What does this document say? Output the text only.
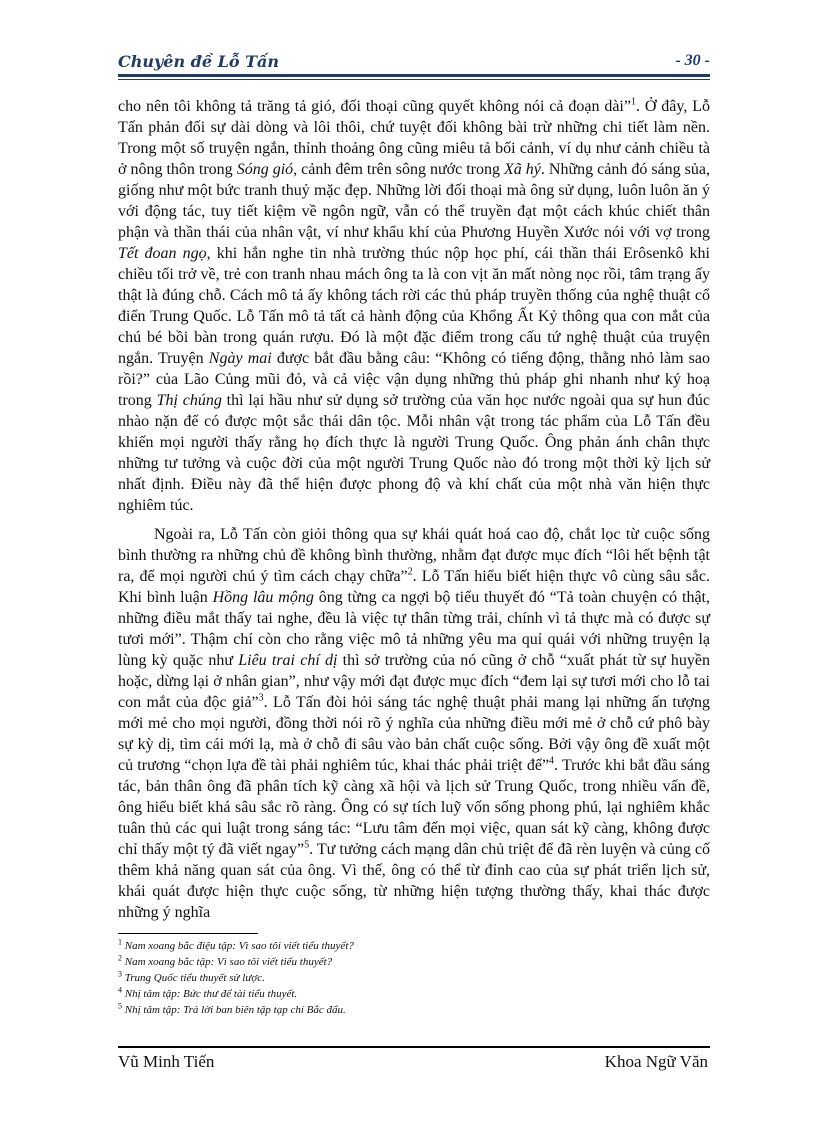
Chuyên đề Lỗ Tấn	- 30 -

cho nên tôi không tả trăng tả gió, đối thoại cũng quyết không nói cả đoạn dài”$^1$. Ở đây, Lỗ Tấn phản đối sự dài dòng và lôi thôi, chứ tuyệt đối không bài trừ những chi tiết làm nền. Trong một số truyện ngắn, thỉnh thoảng ông cũng miêu tả bối cảnh, ví dụ như cảnh chiều tà ở nông thôn trong Sóng gió, cảnh đêm trên sông nước trong Xã hý. Những cảnh đó sáng sủa, giống như một bức tranh thuỷ mặc đẹp. Những lời đối thoại mà ông sử dụng, luôn luôn ăn ý với động tác, tuy tiết kiệm về ngôn ngữ, vẫn có thể truyền đạt một cách khúc chiết thân phận và thần thái của nhân vật, ví như khẩu khí của Phương Huyền Xước nói với vợ trong Tết đoan ngọ, khi hắn nghe tin nhà trường thúc nộp học phí, cái thần thái Erôsenkô khi chiều tối trở về, trẻ con tranh nhau mách ông ta là con vịt ăn mất nòng nọc rồi, tâm trạng ấy thật là đúng chỗ. Cách mô tả ấy không tách rời các thủ pháp truyền thống của nghệ thuật cổ điển Trung Quốc. Lỗ Tấn mô tả tất cả hành động của Khổng Ất Kỷ thông qua con mắt của chú bé bồi bàn trong quán rượu. Đó là một đặc điểm trong cấu tứ nghệ thuật của truyện ngắn. Truyện Ngày mai được bắt đầu bằng câu: “Không có tiếng động, thằng nhỏ làm sao rồi?” của Lão Củng mũi đỏ, và cả việc vận dụng những thủ pháp ghi nhanh như ký hoạ trong Thị chúng thì lại hầu như sử dụng sở trường của văn học nước ngoài qua sự hun đúc nhào nặn để có được một sắc thái dân tộc. Mỗi nhân vật trong tác phẩm của Lỗ Tấn đều khiến mọi người thấy rằng họ đích thực là người Trung Quốc. Ông phản ánh chân thực những tư tưởng và cuộc đời của một người Trung Quốc nào đó trong một thời kỳ lịch sử nhất định. Điều này đã thể hiện được phong độ và khí chất của một nhà văn hiện thực nghiêm túc.

Ngoài ra, Lỗ Tấn còn giỏi thông qua sự khái quát hoá cao độ, chắt lọc từ cuộc sống bình thường ra những chủ đề không bình thường, nhằm đạt được mục đích “lôi hết bệnh tật ra, để mọi người chú ý tìm cách chạy chữa”$^2$. Lỗ Tấn hiểu biết hiện thực vô cùng sâu sắc. Khi bình luận Hồng lâu mộng ông từng ca ngợi bộ tiểu thuyết đó “Tả toàn chuyện có thật, những điều mắt thấy tai nghe, đều là việc tự thân từng trải, chính vì tả thực mà có được sự tươi mới”. Thậm chí còn cho rằng việc mô tả những yêu ma quỉ quái với những truyện lạ lùng kỳ quặc như Liêu trai chí dị thì sở trường của nó cũng ở chỗ “xuất phát từ sự huyền hoặc, dừng lại ở nhân gian”, như vậy mới đạt được mục đích “đem lại sự tươi mới cho lỗ tai con mắt của độc giả”$^3$. Lỗ Tấn đòi hỏi sáng tác nghệ thuật phải mang lại những ấn tượng mới mẻ cho mọi người, đồng thời nói rõ ý nghĩa của những điều mới mẻ ở chỗ cứ phô bày sự kỳ dị, tìm cái mới lạ, mà ở chỗ đi sâu vào bản chất cuộc sống. Bởi vậy ông đề xuất một củ trương “chọn lựa đề tài phải nghiêm túc, khai thác phải triệt để”$^4$. Trước khi bắt đầu sáng tác, bản thân ông đã phân tích kỹ càng xã hội và lịch sử Trung Quốc, trong nhiều vấn đề, ông hiểu biết khá sâu sắc rõ ràng. Ông có sự tích luỹ vốn sống phong phú, lại nghiêm khắc tuân thủ các qui luật trong sáng tác: “Lưu tâm đến mọi việc, quan sát kỹ càng, không được chỉ thấy một tý đã viết ngay”$^5$. Tư tưởng cách mạng dân chủ triệt để đã rèn luyện và củng cố thêm khả năng quan sát của ông. Vì thế, ông có thể từ đỉnh cao của sự phát triển lịch sử, khái quát được hiện thực cuộc sống, từ những hiện tượng thường thấy, khai thác được những ý nghĩa

$^1$ Nam xoang bắc điệu tập: Vì sao tôi viết tiểu thuyết?
$^2$ Nam xoang bắc tập: Vì sao tôi viết tiểu thuyết?
$^3$ Trung Quốc tiểu thuyết sử lược.
$^4$ Nhị tâm tập: Bức thư để tài tiểu thuyết.
$^5$ Nhị tâm tập: Trả lời ban biên tập tạp chí Bắc đẩu.
Vũ Minh Tiến	Khoa Ngữ Văn
